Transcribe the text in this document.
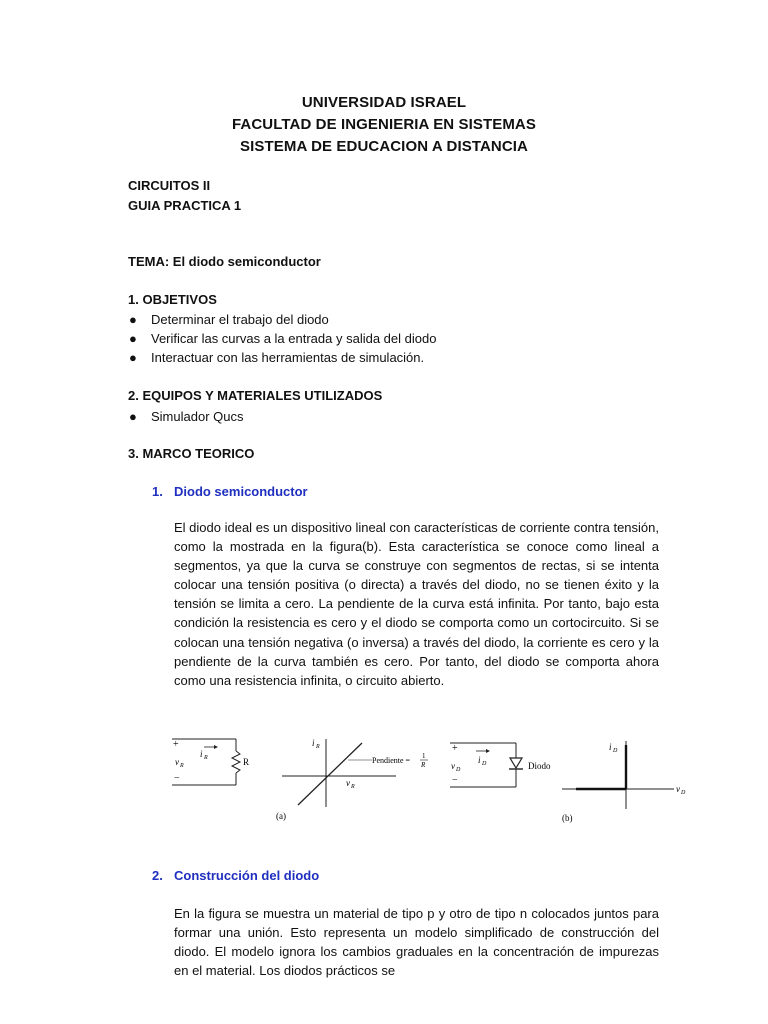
UNIVERSIDAD ISRAEL
FACULTAD DE INGENIERIA EN SISTEMAS
SISTEMA DE EDUCACION A DISTANCIA
CIRCUITOS II
GUIA PRACTICA 1
TEMA: El diodo semiconductor
1. OBJETIVOS
● Determinar el trabajo del diodo
● Verificar las curvas a la entrada y salida del diodo
● Interactuar con las herramientas de simulación.
2. EQUIPOS Y MATERIALES UTILIZADOS
● Simulador Qucs
3. MARCO TEORICO
1. Diodo semiconductor

El diodo ideal es un dispositivo lineal con características de corriente contra tensión, como la mostrada en la figura(b). Esta característica se conoce como lineal a segmentos, ya que la curva se construye con segmentos de rectas, si se intenta colocar una tensión positiva (o directa) a través del diodo, no se tienen éxito y la tensión se limita a cero. La pendiente de la curva está infinita. Por tanto, bajo esta condición la resistencia es cero y el diodo se comporta como un cortocircuito. Si se colocan una tensión negativa (o inversa) a través del diodo, la corriente es cero y la pendiente de la curva también es cero. Por tanto, del diodo se comporta ahora como una resistencia infinita, o circuito abierto.

+
−
v R
i R	R
i R
v R
Pendiente = 1
R
(a)
+
−
v D
i D	Diodo
i D
v D
(b)
2. Construcción del diodo

En la figura se muestra un material de tipo p y otro de tipo n colocados juntos para formar una unión. Esto representa un modelo simplificado de construcción del diodo. El modelo ignora los cambios graduales en la concentración de impurezas en el material. Los diodos prácticos se
